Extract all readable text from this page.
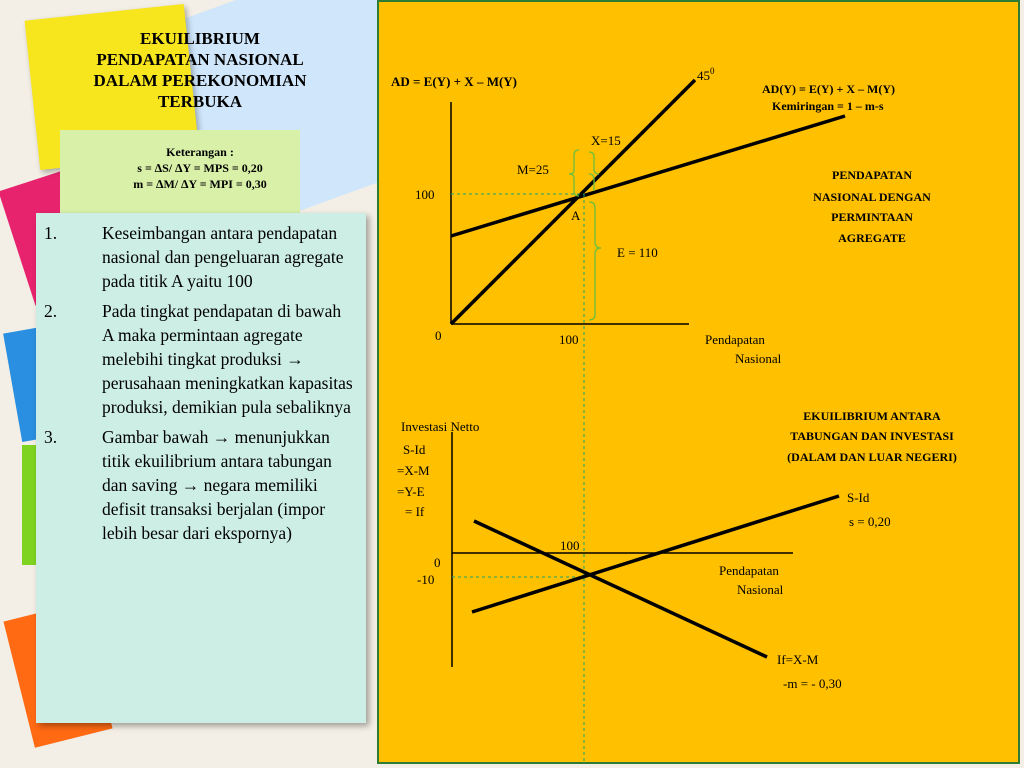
EKUILIBRIUM
PENDAPATAN NASIONAL
DALAM PEREKONOMIAN
TERBUKA
Keterangan :
s = ∆S/ ∆Y = MPS = 0,20
m = ∆M/ ∆Y = MPI = 0,30
1.	Keseimbangan antara pendapatan nasional dan pengeluaran agregate pada titik A yaitu 100
2.	Pada tingkat pendapatan di bawah A maka permintaan agregate melebihi tingkat produksi → perusahaan meningkatkan kapasitas produksi, demikian pula sebaliknya
3.	Gambar bawah → menunjukkan titik ekuilibrium antara tabungan dan saving → negara memiliki defisit transaksi berjalan (impor lebih besar dari ekspornya)
AD = E(Y) + X – M(Y)
0
$45^0$
AD(Y) = E(Y) + X – M(Y)
Kemiringan = 1 – m-s
100
100
A
X=15
M=25
E = 110
Pendapatan
Nasional
PENDAPATAN
NASIONAL DENGAN
PERMINTAAN
AGREGATE
Investasi Netto
S-Id
=X-M
=Y-E
= If
0
-10
100
S-Id
s = 0,20
If=X-M
-m = - 0,30
Pendapatan
Nasional
EKUILIBRIUM ANTARA
TABUNGAN DAN INVESTASI
(DALAM DAN LUAR NEGERI)
